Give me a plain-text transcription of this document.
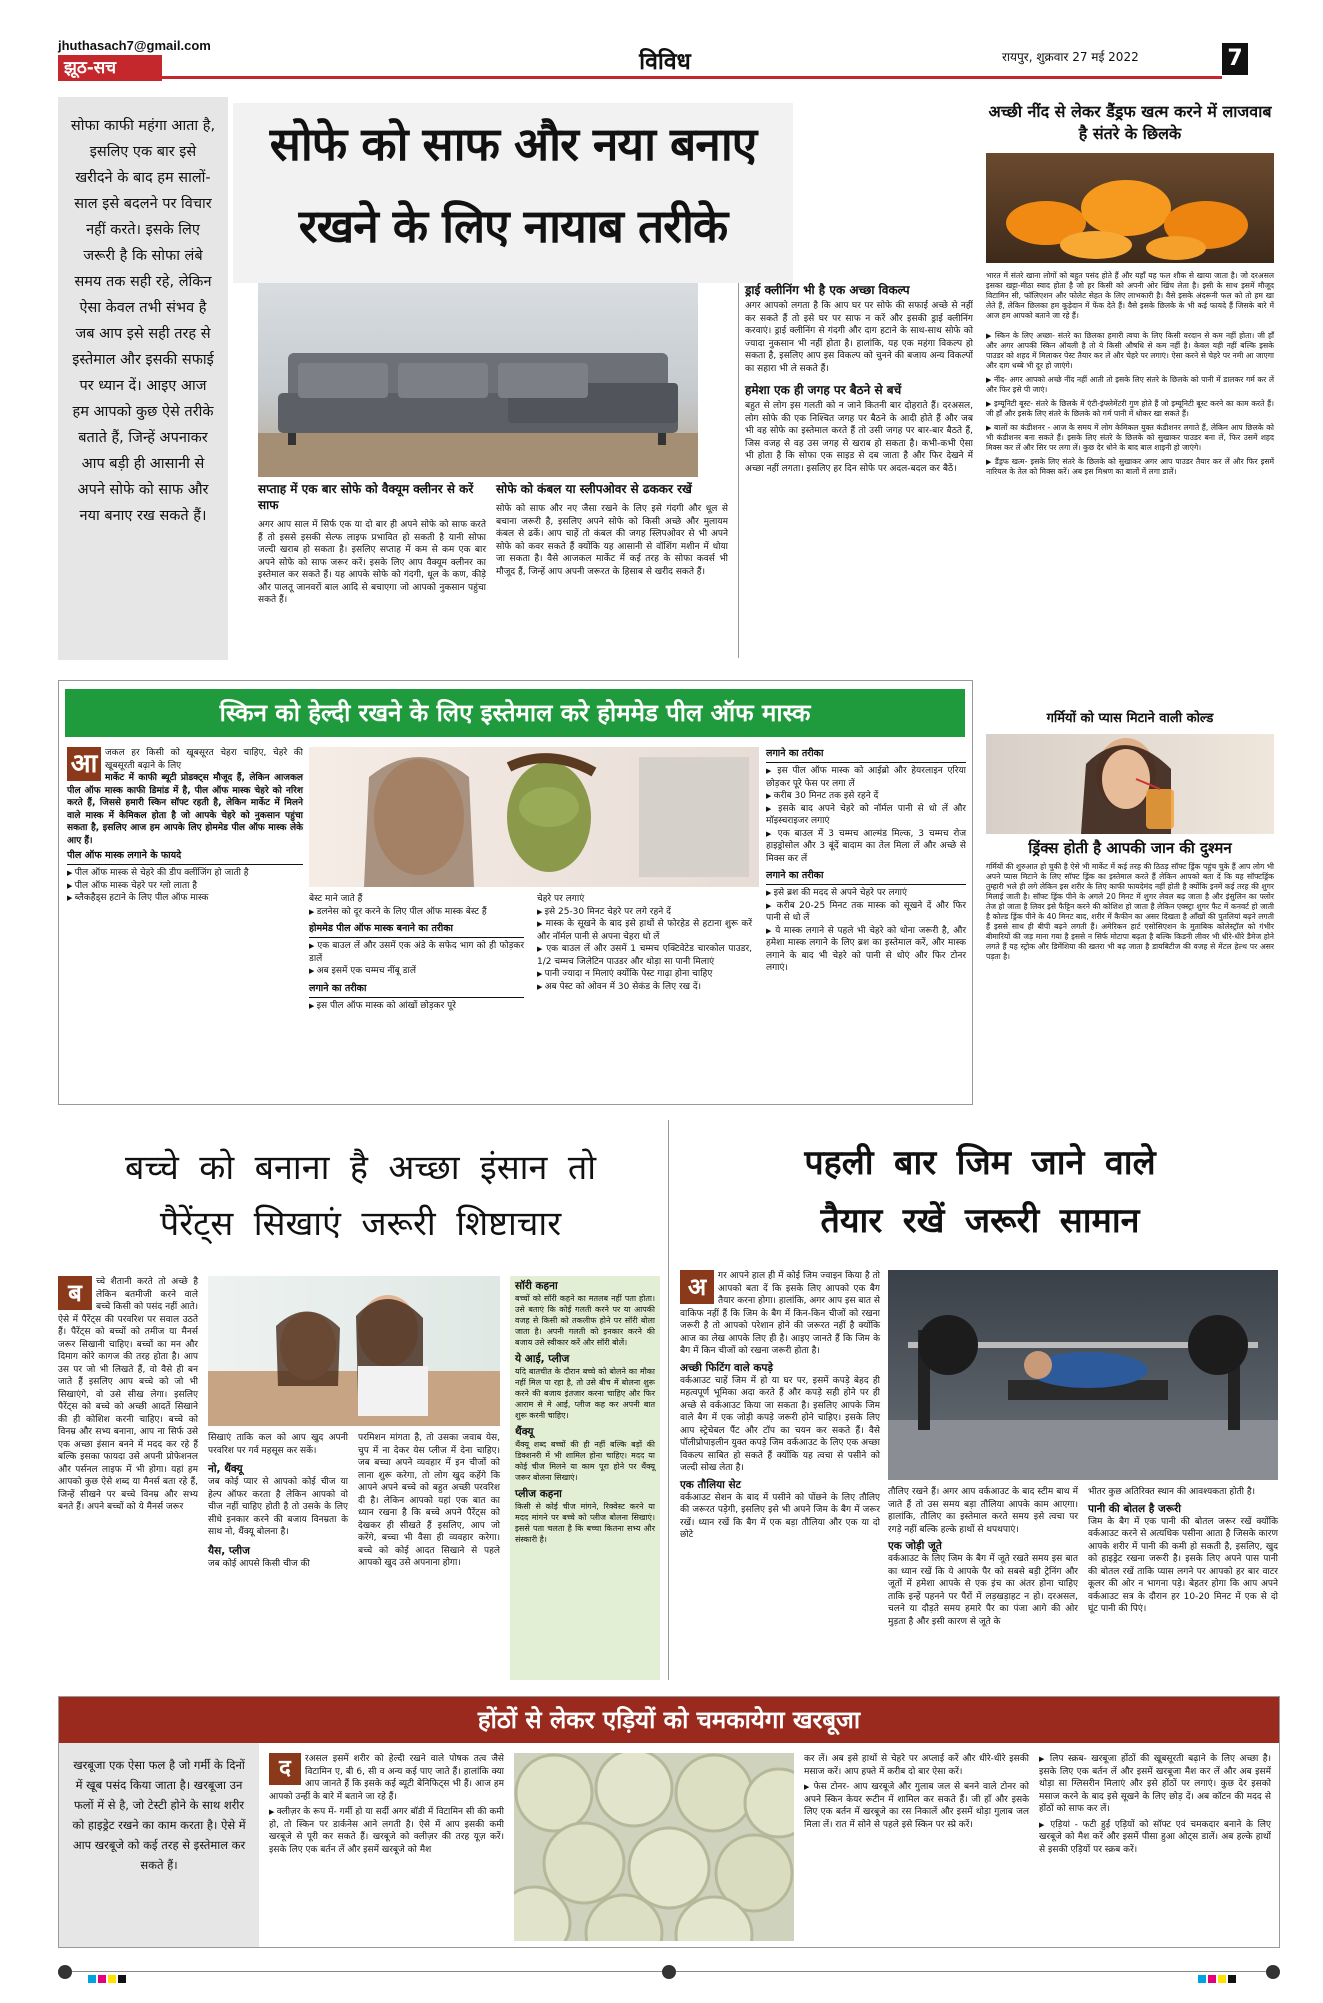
jhuthasach7@gmail.com
झूठ-सच	विविध	रायपुर, शुक्रवार 27 मई 2022	7
सोफा काफी महंगा आता है, इसलिए एक बार इसे खरीदने के बाद हम सालों-साल इसे बदलने पर विचार नहीं करते। इसके लिए जरूरी है कि सोफा लंबे समय तक सही रहे, लेकिन ऐसा केवल तभी संभव है जब आप इसे सही तरह से इस्तेमाल और इसकी सफाई पर ध्यान दें। आइए आज हम आपको कुछ ऐसे तरीके बताते हैं, जिन्हें अपनाकर आप बड़ी ही आसानी से अपने सोफे को साफ और नया बनाए रख सकते हैं।
सोफे को साफ और नया बनाए
रखने के लिए नायाब तरीके
ड्राई क्लीनिंग भी है एक अच्छा विकल्प
अगर आपको लगता है कि आप घर पर सोफे की सफाई अच्छे से नहीं कर सकते हैं तो इसे घर पर साफ न करें और इसकी ड्राई क्लीनिंग करवाएं। ड्राई क्लीनिंग से गंदगी और दाग हटाने के साथ-साथ सोफे को ज्यादा नुकसान भी नहीं होता है। हालांकि, यह एक महंगा विकल्प हो सकता है, इसलिए आप इस विकल्प को चुनने की बजाय अन्य विकल्पों का सहारा भी ले सकते हैं।
हमेशा एक ही जगह पर बैठने से बचें
बहुत से लोग इस गलती को न जाने कितनी बार दोहराते हैं। दरअसल, लोग सोफे की एक निश्चित जगह पर बैठने के आदी होते हैं और जब भी वह सोफे का इस्तेमाल करते हैं तो उसी जगह पर बार-बार बैठते हैं, जिस वजह से वह उस जगह से खराब हो सकता है। कभी-कभी ऐसा भी होता है कि सोफा एक साइड से दब जाता है और फिर देखने में अच्छा नहीं लगता। इसलिए हर दिन सोफे पर अदल-बदल कर बैठें।
सप्ताह में एक बार सोफे को वैक्यूम क्लीनर से करें साफ
अगर आप साल में सिर्फ एक या दो बार ही अपने सोफे को साफ करते हैं तो इससे इसकी सेल्फ लाइफ प्रभावित हो सकती है यानी सोफा जल्दी खराब हो सकता है। इसलिए सप्ताह में कम से कम एक बार अपने सोफे को साफ जरूर करें। इसके लिए आप वैक्यूम क्लीनर का इस्तेमाल कर सकते हैं। यह आपके सोफे को गंदगी, धूल के कण, कीड़े और पालतू जानवरों बाल आदि से बचाएगा जो आपको नुकसान पहुंचा सकते हैं।
सोफे को कंबल या स्लीपओवर से ढककर रखें
सोफे को साफ और नए जैसा रखने के लिए इसे गंदगी और धूल से बचाना जरूरी है, इसलिए अपने सोफे को किसी अच्छे और मुलायम कंबल से ढकें। आप चाहें तो कंबल की जगह स्लिपओवर से भी अपने सोफे को कवर सकते हैं क्योंकि यह आसानी से वॉशिंग मशीन में धोया जा सकता है। वैसे आजकल मार्केट में कई तरह के सोफा कवर्स भी मौजूद हैं, जिन्हें आप अपनी जरूरत के हिसाब से खरीद सकते हैं।
अच्छी नींद से लेकर डैंड्रफ खत्म करने में लाजवाब है संतरे के छिलके
भारत में संतरे खाना लोगों को बहुत पसंद होते हैं और यहाँ यह फल शौक से खाया जाता है। जो दरअसल इसका खट्टा-मीठा स्वाद होता है जो हर किसी को अपनी ओर खिंच लेता है। इसी के साथ इसमें मौजूद विटामिन सी, फॉलिएशन और फोलेट सेहत के लिए लाभकारी है। वैसे इसके अंदरूनी फल को तो हम खा लेते हैं, लेकिन छिलका हम कूड़ेदान में फेंक देते हैं। वैसे इसके छिलके के भी कई फायदे हैं जिसके बारे में आज हम आपको बताने जा रहे हैं।
▶ स्किन के लिए अच्छा- संतरे का छिलका हमारी त्वचा के लिए किसी वरदान से कम नहीं होता। जी हाँ और अगर आपकी स्किन ऑयली है तो ये किसी औषधि से कम नहीं है। केवल यही नहीं बल्कि इसके पाउडर को शहद में मिलाकर पेस्ट तैयार कर लें और चेहरे पर लगाएं। ऐसा करने से चेहरे पर नमी आ जाएगा और दाग धब्बे भी दूर हो जाएंगे।
▶ नींद- अगर आपको अच्छे नींद नहीं आती तो इसके लिए संतरे के छिलके को पानी में डालकर गर्म कर लें और फिर इसे पी जाएं।
▶ इम्यूनिटी बूस्ट- संतरे के छिलके में एंटी-इंफ्लेमेंटरी गुण होते हैं जो इम्यूनिटी बूस्ट करने का काम करते हैं। जी हाँ और इसके लिए संतरे के छिलके को गर्म पानी में धोकर खा सकते हैं।
▶ बालों का कंडीशनर - आज के समय में लोग केमिकल युक्त कंडीशनर लगाते हैं, लेकिन आप छिलके को भी कंडीशनर बना सकते हैं। इसके लिए संतरे के छिलके को सुखाकर पाउडर बना लें, फिर उसमें शहद मिक्स कर लें और सिर पर लगा लें। कुछ देर धोने के बाद बाल शाइनी हो जाएंगे।
▶ डैंड्रफ खत्म- इसके लिए संतरे के छिलके को सुखाकर अगर आप पाउडर तैयार कर लें और फिर इसमें नारियल के तेल को मिक्स करें। अब इस मिश्रण का बालों में लगा डालें।
गर्मियों को प्यास मिटाने वाली कोल्ड
ड्रिंक्स होती है आपकी जान की दुश्मन
गर्मियों की शुरुआत हो चुकी है ऐसे भी मार्केट में कई तरह की ठिठड़ सॉफ्ट ड्रिंक पहुंच चुके हैं आप लोग भी अपने प्यास मिटाने के लिए सॉफ्ट ड्रिंक का इस्तेमाल करते हैं लेकिन आपको बता दें कि यह सॉफ्टड्रिंक तुम्हारी भले ही लगे लेकिन इस शरीर के लिए काफी फायदेमंद नहीं होती है क्योंकि इनमें कई तरह की शुगर मिलाई जाती है। सॉफ्ट ड्रिंक पीने के अगले 20 मिनट में शुगर लेवल बढ़ जाता है और इंसुलिन का फ्लोर तेज हो जाता है लिवर इसे फैट्टिन करने की कोशिश हो जाता है लेकिन एक्स्ट्रा शुगर फैट में कनवर्ट हो जाती है कोल्ड ड्रिंक पीने के 40 मिनट बाद, शरीर में कैफीन का असर दिखता है आँखों की पुतलियां बढ़ने लगती हैं इससे साथ ही बीपी बढ़ने लगती हैं। अमेरिकन हार्ट एसोसिएशन के मुताबिक कोलेस्ट्रॉल को गंभीर बीमारियों की जड़ माना गया है इससे न सिर्फ मोटापा बढ़ता है बल्कि किडनी लीवर भी धीरे-धीरे डैमेज होने लगते हैं यह स्ट्रोक और डिमेंशिया की खतरा भी बढ़ जाता है डायबिटीज की वजह से मेंटल हेल्थ पर असर पड़ता है।
स्किन को हेल्दी रखने के लिए इस्तेमाल करे होममेड पील ऑफ मास्क
आ जकल हर किसी को खूबसूरत चेहरा चाहिए, चेहरे की खूबसूरती बढ़ाने के लिए
मार्केट में काफी ब्यूटी प्रोडक्ट्स मौजूद हैं, लेकिन आजकल पील ऑफ मास्क काफी डिमांड में है, पील ऑफ मास्क चेहरे को नरिश करते हैं, जिससे हमारी स्किन सॉफ्ट रहती है, लेकिन मार्केट में मिलने वाले मास्क में केमिकल होता है जो आपके चेहरे को नुकसान पहुंचा सकता है, इसलिए आज हम आपके लिए होममेड पील ऑफ मास्क लेके आए हैं।
पील ऑफ मास्क लगाने के फायदे
▶ पील ऑफ मास्क से चेहरे की डीप क्लींजिंग हो जाती है
▶ पील ऑफ मास्क चेहरे पर ग्लो लाता है
▶ ब्लैकहैड्स हटाने के लिए पील ऑफ मास्क	बेस्ट माने जाते हैं
▶ डलनेस को दूर करने के लिए पील ऑफ मास्क बेस्ट हैं
होममेड पील ऑफ मास्क बनाने का तरीका
▶ एक बाउल लें और उसमें एक अंडे के सफेद भाग को ही फोड़कर डालें
▶ अब इसमें एक चम्मच नींबू डालें
लगाने का तरीका
▶ इस पील ऑफ मास्क को आंखों छोड़कर पूरे
चेहरे पर लगाएं
▶ इसे 25-30 मिनट चेहरे पर लगे रहने दें
▶ मास्क के सूखने के बाद इसे हाथों से फोरहेड से हटाना शुरू करें और नॉर्मल पानी से अपना चेहरा धो लें
▶ एक बाउल लें और उसमें 1 चम्मच एक्टिवेटेड चारकोल पाउडर, 1/2 चम्मच जिलेटिन पाउडर और थोड़ा सा पानी मिलाएं
▶ पानी ज्यादा न मिलाएं क्योंकि पेस्ट गाढ़ा होना चाहिए
▶ अब पेस्ट को ओवन में 30 सेकंड के लिए रख दें।
लगाने का तरीका
▶ इस पील ऑफ मास्क को आईब्रो और हेयरलाइन एरिया छोड़कर पूरे फेस पर लगा लें
▶ करीब 30 मिनट तक इसे रहने दें
▶ इसके बाद अपने चेहरे को नॉर्मल पानी से धो लें और मॉइस्चराइजर लगाएं
▶ एक बाउल में 3 चम्मच आल्मंड मिल्क, 3 चम्मच रोज हाइड्रोसोल और 3 बूंदें बादाम का तेल मिला लें और अच्छे से मिक्स कर लें
लगाने का तरीका
▶ इसे ब्रश की मदद से अपने चेहरे पर लगाएं
▶ करीब 20-25 मिनट तक मास्क को सूखने दें और फिर पानी से धो लें
▶ ये मास्क लगाने से पहले भी चेहरे को धोना जरूरी है, और हमेशा मास्क लगाने के लिए ब्रश का इस्तेमाल करें, और मास्क लगाने के बाद भी चेहरे को पानी से धोएं और फिर टोनर लगाएं।
बच्चे को बनाना है अच्छा इंसान तो
पैरेंट्स सिखाएं जरूरी शिष्टाचार
ब	च्चे शैतानी करते तो अच्छे है लेकिन बतमीजी करने वाले बच्चे किसी को पसंद नहीं आते। ऐसे में पैरेंट्स की परवरिश पर सवाल उठते हैं। पैरेंट्स को बच्चों को तमीज या मैनर्स जरूर सिखानी चाहिए। बच्चों का मन और दिमाग कोरे कागज की तरह होता है। आप उस पर जो भी लिखते हैं, वो वैसे ही बन जाते हैं इसलिए आप बच्चे को जो भी सिखाएंगे, वो उसे सीख लेगा। इसलिए पैरेंट्स को बच्चे को अच्छी आदतें सिखाने की ही कोशिश करनी चाहिए। बच्चे को विनम्र और सभ्य बनाना, आप ना सिर्फ उसे एक अच्छा इंसान बनने में मदद कर रहे हैं बल्कि इसका फायदा उसे अपनी प्रोफेशनल और पर्सनल लाइफ में भी होगा। यहां हम आपको कुछ ऐसे शब्द या मैनर्स बता रहे हैं, जिन्हें सीखने पर बच्चे विनम्र और सभ्य बनते हैं। अपने बच्चों को ये मैनर्स जरूर
सिखाएं ताकि कल को आप खुद अपनी परवरिश पर गर्व महसूस कर सकें।
नो, थैंक्यू
जब कोई प्यार से आपको कोई चीज या हेल्प ऑफर करता है लेकिन आपको वो चीज नहीं चाहिए होती है तो उसके के लिए सीधे इनकार करने की बजाय विनम्रता के साथ नो, थैंक्यू बोलना है।
यैस, प्लीज
जब कोई आपसे किसी चीज की
परमिशन मांगता है, तो उसका जवाब येस, चुप में ना देकर येस प्लीज में देना चाहिए। जब बच्चा अपने व्यवहार में इन चीजों को लाना शुरू करेगा, तो लोग खुद कहेंगे कि आपने अपने बच्चे को बहुत अच्छी परवरिश दी है। लेकिन आपको यहां एक बात का ध्यान रखना है कि बच्चे अपने पैरेंट्स को देखकर ही सीखते हैं इसलिए, आप जो करेंगे, बच्चा भी वैसा ही व्यवहार करेगा। बच्चे को कोई आदत सिखाने से पहले आपको खुद उसे अपनाना होगा।
सॉरी कहना
बच्चों को सॉरी कहने का मतलब नहीं पता होता। उसे बताएं कि कोई गलती करने पर या आपकी वजह से किसी को तकलीफ होने पर सॉरी बोला जाता है। अपनी गलती को इनकार करने की बजाय उसे स्वीकार करें और सॉरी बोलें।
ये आई, प्लीज
यदि बातचीत के दौरान बच्चे को बोलने का मौका नहीं मिल पा रहा है, तो उसे बीच में बोलना शुरू करने की बजाय इंतजार करना चाहिए और फिर आराम से मे आई, प्लीज कह कर अपनी बात शुरू करनी चाहिए।
थैंक्यू
थैंक्यू शब्द बच्चों की ही नहीं बल्कि बड़ों की डिक्शनरी में भी शामिल होना चाहिए। मदद या कोई चीज मिलने या काम पूरा होने पर थैंक्यू जरूर बोलना सिखाएं।
प्लीज कहना
किसी से कोई चीज मांगने, रिक्वेस्ट करने या मदद मांगने पर बच्चे को प्लीज बोलना सिखाएं। इससे पता चलता है कि बच्चा कितना सभ्य और संस्कारी है।
पहली बार जिम जाने वाले
तैयार रखें जरूरी सामान
अ	गर आपने हाल ही में कोई जिम ज्वाइन किया है तो आपको बता दें कि इसके लिए आपको एक बैग तैयार करना होगा। हालांकि, अगर आप इस बात से वाकिफ नहीं हैं कि जिम के बैग में किन-किन चीजों को रखना जरूरी है तो आपको परेशान होने की जरूरत नहीं है क्योंकि आज का लेख आपके लिए ही है। आइए जानते हैं कि जिम के बैग में किन चीजों को रखना जरूरी होता है।
अच्छी फिटिंग वाले कपड़े
वर्कआउट चाहें जिम में हो या घर पर, इसमें कपड़े बेहद ही महत्वपूर्ण भूमिका अदा करते हैं और कपड़े सही होने पर ही अच्छे से वर्कआउट किया जा सकता है। इसलिए आपके जिम वाले बैग में एक जोड़ी कपड़े जरूरी होने चाहिए। इसके लिए आप स्ट्रेचेबल पैंट और टॉप का चयन कर सकते हैं। वैसे पॉलीप्रोपाइलीन युक्त कपड़े जिम वर्कआउट के लिए एक अच्छा विकल्प साबित हो सकते हैं क्योंकि यह त्वचा से पसीने को जल्दी सोख लेता है।
एक तौलिया सेट
वर्कआउट सेशन के बाद में पसीने को पोंछने के लिए तौलिए की जरूरत पड़ेगी, इसलिए इसे भी अपने जिम के बैग में जरूर रखें। ध्यान रखें कि बैग में एक बड़ा तौलिया और एक या दो छोटे
तौलिए रखने हैं। अगर आप वर्कआउट के बाद स्टीम बाथ में जाते हैं तो उस समय बड़ा तौलिया आपके काम आएगा। हालांकि, तौलिए का इस्तेमाल करते समय इसे त्वचा पर रगड़े नहीं बल्कि हल्के हाथों से थपथपाएं।
एक जोड़ी जूते
वर्कआउट के लिए जिम के बैग में जूते रखते समय इस बात का ध्यान रखें कि ये आपके पैर को सबसे बड़ी ट्रेनिंग और जूतों में हमेशा आपके से एक इंच का अंतर होना चाहिए ताकि इन्हें पहनने पर पैरों में लड़खड़ाहट न हो। दरअसल, चलने या दौड़ते समय हमारे पैर का पंजा आगे की ओर मुड़ता है और इसी कारण से जूते के
भीतर कुछ अतिरिक्त स्थान की आवश्यकता होती है।
पानी की बोतल है जरूरी
जिम के बैग में एक पानी की बोतल जरूर रखें क्योंकि वर्कआउट करने से अत्यधिक पसीना आता है जिसके कारण आपके शरीर में पानी की कमी हो सकती है, इसलिए, खुद को हाइड्रेट रखना जरूरी है। इसके लिए अपने पास पानी की बोतल रखें ताकि प्यास लगने पर आपको हर बार वाटर कूलर की ओर न भागना पड़े। बेहतर होगा कि आप अपने वर्कआउट सत्र के दौरान हर 10-20 मिनट में एक से दो घूंट पानी की पिएं।
होंठों से लेकर एड़ियों को चमकायेगा खरबूजा
खरबूजा एक ऐसा फल है जो गर्मी के दिनों में खूब पसंद किया जाता है। खरबूजा उन फलों में से है, जो टेस्टी होने के साथ शरीर को हाइड्रेट रखने का काम करता है। ऐसे में आप खरबूजे को कई तरह से इस्तेमाल कर सकते हैं।
द	रअसल इसमें शरीर को हेल्दी रखने वाले पोषक तत्व जैसे विटामिन ए, बी 6, सी व अन्य कई पाए जाते हैं। हालांकि क्या आप जानते हैं कि इसके कई ब्यूटी बेनिफिट्स भी हैं। आज हम आपको उन्हीं के बारे में बताने जा रहे हैं।
▶ क्लीज़र के रूप में- गर्मी हो या सर्दी अगर बॉडी में विटामिन सी की कमी हो, तो स्किन पर डार्कनेस आने लगती है। ऐसे में आप इसकी कमी खरबूजे से पूरी कर सकते हैं। खरबूजे को क्लीज़र की तरह यूज़ करें। इसके लिए एक बर्तन लें और इसमें खरबूजे को मैश
कर लें। अब इसे हाथों से चेहरे पर अप्लाई करें और धीरे-धीरे इसकी मसाज करें। आप हफ्ते में करीब दो बार ऐसा करें।
▶ फेस टोनर- आप खरबूजे और गुलाब जल से बनने वाले टोनर को अपने स्किन केयर रूटीन में शामिल कर सकते हैं। जी हाँ और इसके लिए एक बर्तन में खरबूजे का रस निकालें और इसमें थोड़ा गुलाब जल मिला लें। रात में सोने से पहले इसे स्किन पर स्प्रे करें।
▶ लिप स्क्रब- खरबूजा होंठों की खूबसूरती बढ़ाने के लिए अच्छा है। इसके लिए एक बर्तन लें और इसमें खरबूजा मैश कर लें और अब इसमें थोड़ा सा ग्लिसरीन मिलाएं और इसे होंठों पर लगाएं। कुछ देर इसको मसाज करने के बाद इसे सूखने के लिए छोड़ दें। अब कॉटन की मदद से होंठों को साफ कर लें।
▶ एड़ियां - फटी हुई एड़ियों को सॉफ्ट एवं चमकदार बनाने के लिए खरबूजे को मैश करें और इसमें पीसा हुआ ओट्स डालें। अब हल्के हाथों से इसकी एड़ियों पर स्क्रब करें।
